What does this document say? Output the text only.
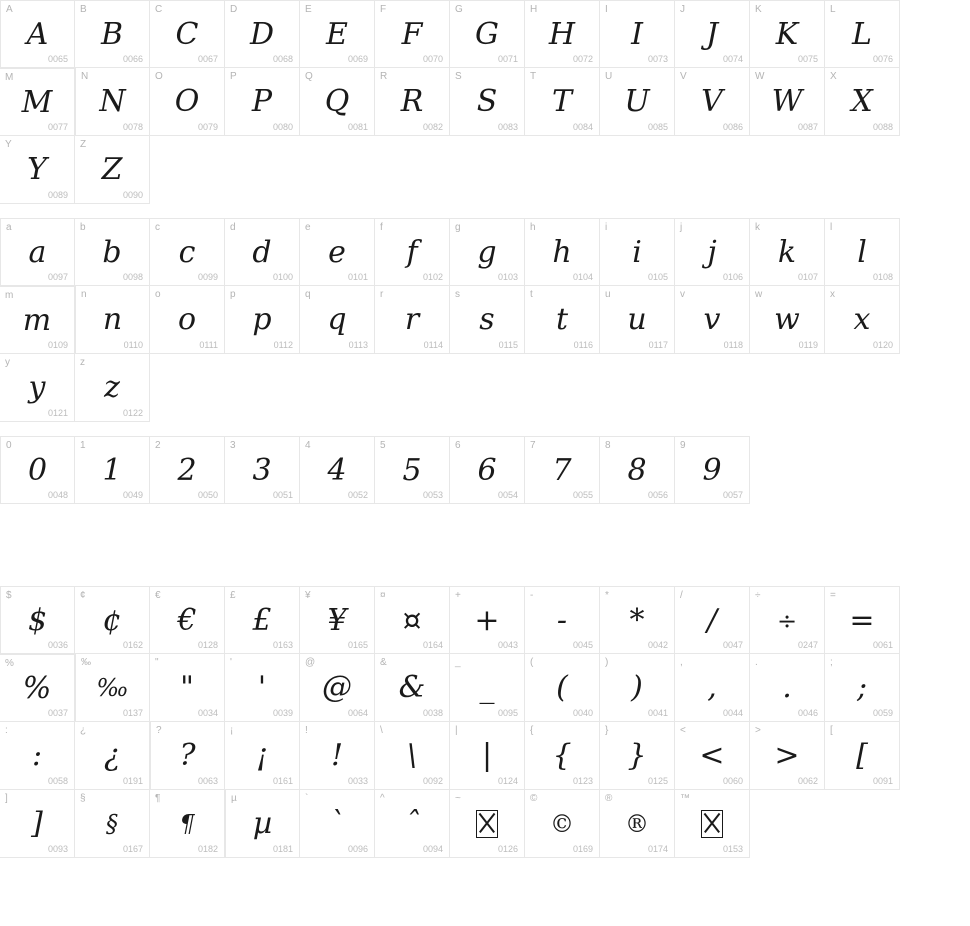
A
A
0065
B
B
0066
C
C
0067
D
D
0068
E
E
0069
F
F
0070
G
G
0071
H
H
0072
I
I
0073
J
J
0074
K
K
0075
L
L
0076
M
M
0077
N
N
0078
O
O
0079
P
P
0080
Q
Q
0081
R
R
0082
S
S
0083
T
T
0084
U
U
0085
V
V
0086
W
W
0087
X
X
0088
Y
Y
0089
Z
Z
0090
a
a
0097
b
b
0098
c
c
0099
d
d
0100
e
e
0101
f
f
0102
g
g
0103
h
h
0104
i
i
0105
j
j
0106
k
k
0107
l
l
0108
m
m
0109
n
n
0110
o
o
0111
p
p
0112
q
q
0113
r
r
0114
s
s
0115
t
t
0116
u
u
0117
v
v
0118
w
w
0119
x
x
0120
y
y
0121
z
z
0122
0
0
0048
1
1
0049
2
2
0050
3
3
0051
4
4
0052
5
5
0053
6
6
0054
7
7
0055
8
8
0056
9
9
0057
$
$
0036
¢
¢
0162
€
€
0128
£
£
0163
¥
¥
0165
¤
¤
0164
+
+
0043
-
-
0045
*
*
0042
/
/
0047
÷
÷
0247
=
=
0061
%
%
0037
‰
‰
0137
"
"
0034
'
'
0039
@
@
0064
&
&
0038
_
_
0095
(
(
0040
)
)
0041
,
,
0044
.
.
0046
;
;
0059
:
:
0058
¿
¿
0191
?
?
0063
¡
¡
0161
!
!
0033
\
\
0092
|
|
0124
{
{
0123
}
}
0125
<
<
0060
>
>
0062
[
[
0091
]
]
0093
§
§
0167
¶
¶
0182
µ
µ
0181
`
`
0096
^
ˆ
0094
~
0126
©
©
0169
®
®
0174
™
0153
